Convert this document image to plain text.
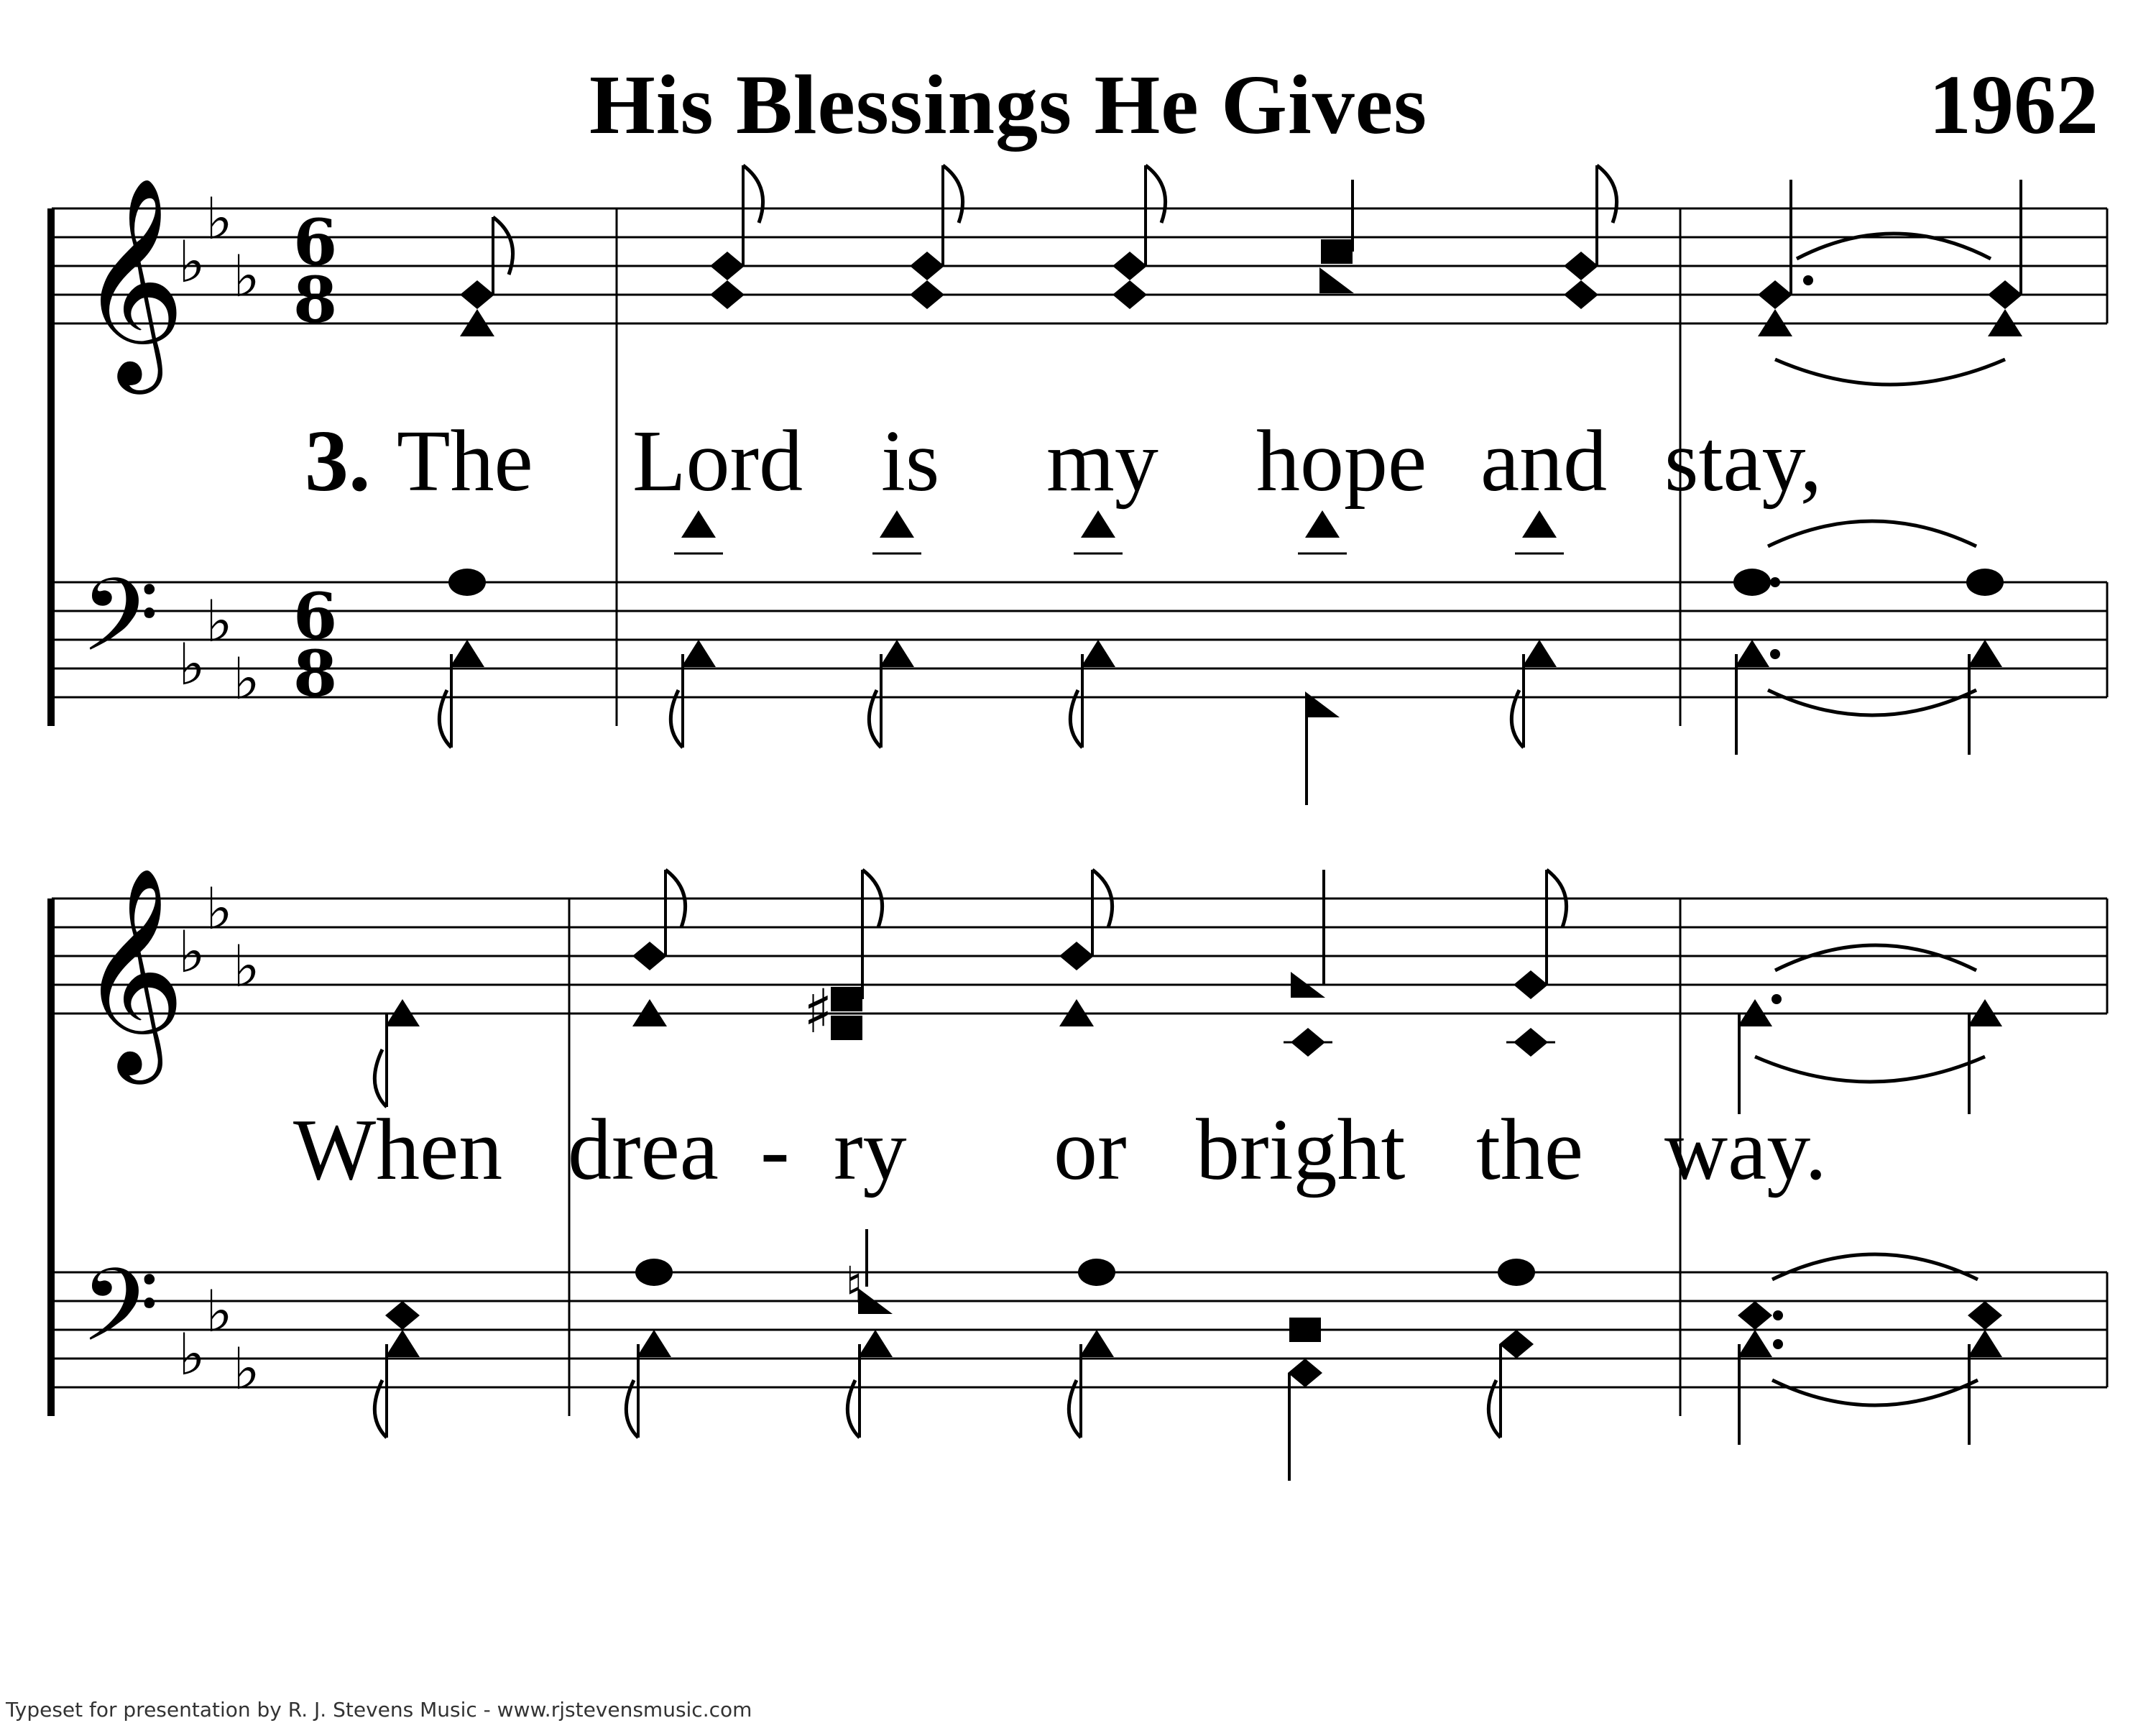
𝄞
𝄢
𝄞
𝄢
♭
♭
♭
♭
♭
♭
♭
♭
♭
♭
♭
♭
6
8
6
8
♯
♮
His Blessings He Gives	1962
3. The Lord is my hope and stay,
When drea - ry or bright the way.
Typeset for presentation by R. J. Stevens Music - www.rjstevensmusic.com
